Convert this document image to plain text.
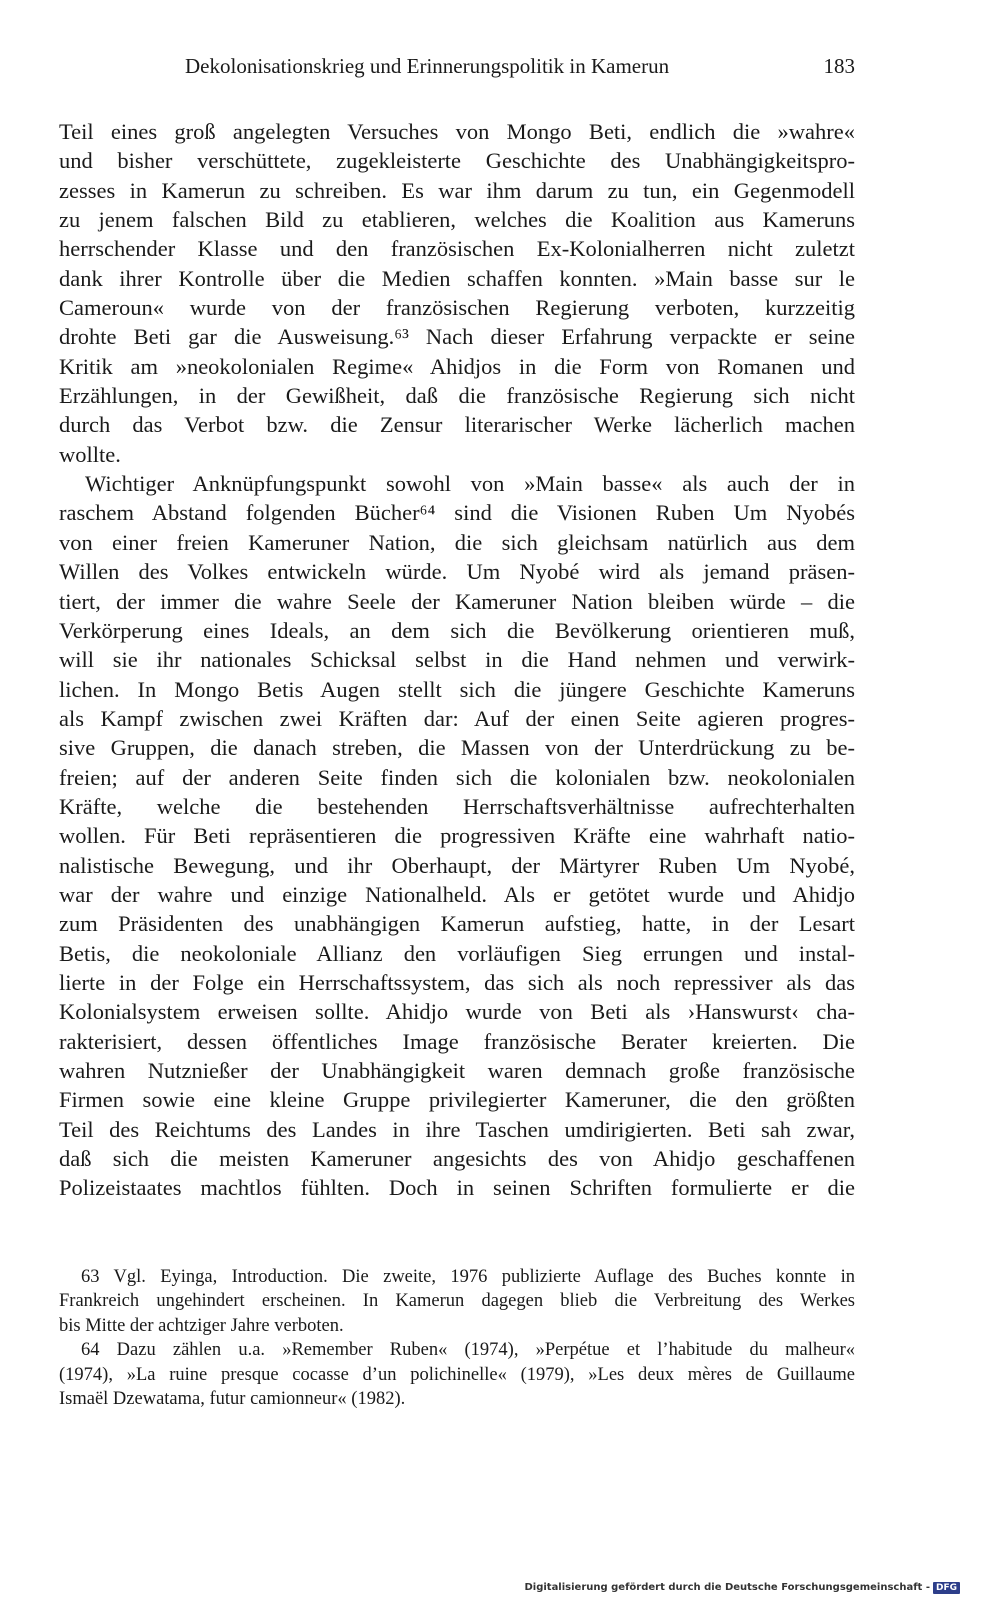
Dekolonisationskrieg und Erinnerungspolitik in Kamerun	183
Teil eines groß angelegten Versuches von Mongo Beti, endlich die »wahre«
und bisher verschüttete, zugekleisterte Geschichte des Unabhängigkeitspro-
zesses in Kamerun zu schreiben. Es war ihm darum zu tun, ein Gegenmodell
zu jenem falschen Bild zu etablieren, welches die Koalition aus Kameruns
herrschender Klasse und den französischen Ex-Kolonialherren nicht zuletzt
dank ihrer Kontrolle über die Medien schaffen konnten. »Main basse sur le
Cameroun« wurde von der französischen Regierung verboten, kurzzeitig
drohte Beti gar die Ausweisung.⁶³ Nach dieser Erfahrung verpackte er seine
Kritik am »neokolonialen Regime« Ahidjos in die Form von Romanen und
Erzählungen, in der Gewißheit, daß die französische Regierung sich nicht
durch das Verbot bzw. die Zensur literarischer Werke lächerlich machen
wollte.
Wichtiger Anknüpfungspunkt sowohl von »Main basse« als auch der in
raschem Abstand folgenden Bücher⁶⁴ sind die Visionen Ruben Um Nyobés
von einer freien Kameruner Nation, die sich gleichsam natürlich aus dem
Willen des Volkes entwickeln würde. Um Nyobé wird als jemand präsen-
tiert, der immer die wahre Seele der Kameruner Nation bleiben würde – die
Verkörperung eines Ideals, an dem sich die Bevölkerung orientieren muß,
will sie ihr nationales Schicksal selbst in die Hand nehmen und verwirk-
lichen. In Mongo Betis Augen stellt sich die jüngere Geschichte Kameruns
als Kampf zwischen zwei Kräften dar: Auf der einen Seite agieren progres-
sive Gruppen, die danach streben, die Massen von der Unterdrückung zu be-
freien; auf der anderen Seite finden sich die kolonialen bzw. neokolonialen
Kräfte, welche die bestehenden Herrschaftsverhältnisse aufrechterhalten
wollen. Für Beti repräsentieren die progressiven Kräfte eine wahrhaft natio-
nalistische Bewegung, und ihr Oberhaupt, der Märtyrer Ruben Um Nyobé,
war der wahre und einzige Nationalheld. Als er getötet wurde und Ahidjo
zum Präsidenten des unabhängigen Kamerun aufstieg, hatte, in der Lesart
Betis, die neokoloniale Allianz den vorläufigen Sieg errungen und instal-
lierte in der Folge ein Herrschaftssystem, das sich als noch repressiver als das
Kolonialsystem erweisen sollte. Ahidjo wurde von Beti als ›Hanswurst‹ cha-
rakterisiert, dessen öffentliches Image französische Berater kreierten. Die
wahren Nutznießer der Unabhängigkeit waren demnach große französische
Firmen sowie eine kleine Gruppe privilegierter Kameruner, die den größten
Teil des Reichtums des Landes in ihre Taschen umdirigierten. Beti sah zwar,
daß sich die meisten Kameruner angesichts des von Ahidjo geschaffenen
Polizeistaates machtlos fühlten. Doch in seinen Schriften formulierte er die
63 Vgl. Eyinga, Introduction. Die zweite, 1976 publizierte Auflage des Buches konnte in
Frankreich ungehindert erscheinen. In Kamerun dagegen blieb die Verbreitung des Werkes
bis Mitte der achtziger Jahre verboten.
64 Dazu zählen u.a. »Remember Ruben« (1974), »Perpétue et l’habitude du malheur«
(1974), »La ruine presque cocasse d’un polichinelle« (1979), »Les deux mères de Guillaume
Ismaël Dzewatama, futur camionneur« (1982).
Digitalisierung gefördert durch die Deutsche Forschungsgemeinschaft - DFG
